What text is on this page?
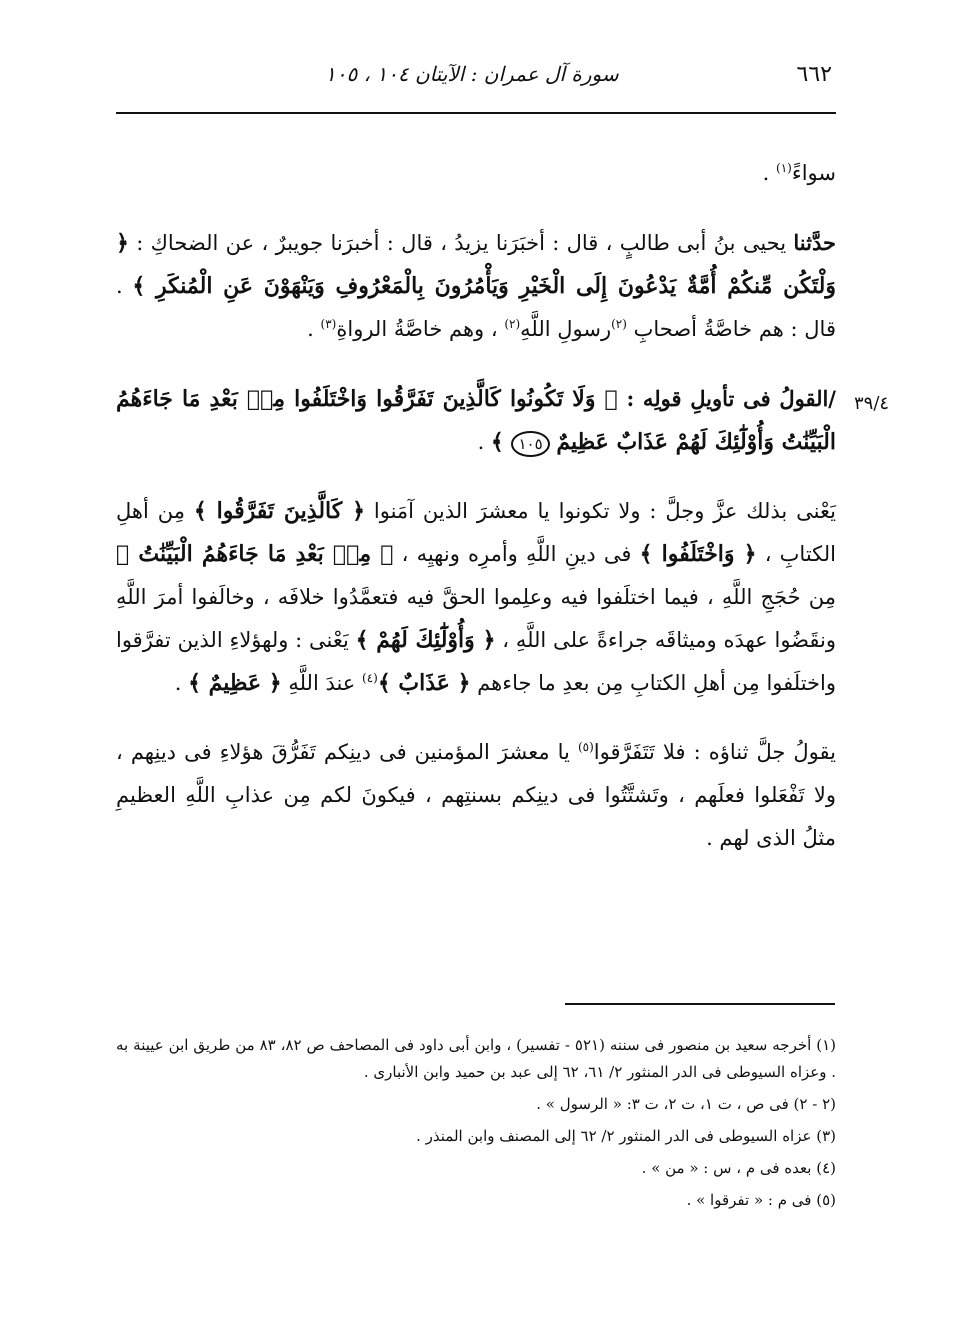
٦٦٢
سورة آل عمران : الآيتان ١٠٤ ، ١٠٥
٣٩/٤

سواءً$^{(١)}$ .

حدَّثنا يحيى بنُ أبى طالبٍ ، قال : أخبَرَنا يزيدُ ، قال : أخبرَنا جويبرٌ ، عن الضحاكِ : ﴿ وَلْتَكُن مِّنكُمْ أُمَّةٌ يَدْعُونَ إِلَى الْخَيْرِ وَيَأْمُرُونَ بِالْمَعْرُوفِ وَيَنْهَوْنَ عَنِ الْمُنكَرِ ﴾ . قال : هم خاصَّةُ أصحابِ $^{(٢)}$رسولِ اللَّهِ$^{(٢)}$ ، وهم خاصَّةُ الرواةِ$^{(٣)}$ .

/القولُ فى تأويلِ قولِه : ﴿ وَلَا تَكُونُوا كَالَّذِينَ تَفَرَّقُوا وَاخْتَلَفُوا مِنۢ بَعْدِ مَا جَاءَهُمُ الْبَيِّنَٰتُ وَأُوْلَٰٓئِكَ لَهُمْ عَذَابٌ عَظِيمٌ ١٠٥ ﴾ .

يَعْنى بذلك عزَّ وجلَّ : ولا تكونوا يا معشرَ الذين آمَنوا ﴿ كَالَّذِينَ تَفَرَّقُوا ﴾ مِن أهلِ الكتابِ ، ﴿ وَاخْتَلَفُوا ﴾ فى دينِ اللَّهِ وأمرِه ونهيِه ، ﴿ مِنۢ بَعْدِ مَا جَاءَهُمُ الْبَيِّنَٰتُ ﴾ مِن حُجَجِ اللَّهِ ، فيما اختلَفوا فيه وعلِموا الحقَّ فيه فتعمَّدُوا خلافَه ، وخالَفوا أمرَ اللَّهِ ونقَضُوا عهدَه وميثاقَه جراءةً على اللَّهِ ، ﴿ وَأُوْلَٰٓئِكَ لَهُمْ ﴾ يَعْنى : ولهؤلاءِ الذين تفرَّقوا واختلَفوا مِن أهلِ الكتابِ مِن بعدِ ما جاءهم ﴿ عَذَابٌ ﴾$^{(٤)}$ عندَ اللَّهِ ﴿ عَظِيمٌ ﴾ .

يقولُ جلَّ ثناؤه : فلا تَتَفَرَّقوا$^{(٥)}$ يا معشرَ المؤمنين فى دينِكم تَفَرُّقَ هؤلاءِ فى دينِهم ، ولا تَفْعَلوا فعلَهم ، وتَشتَّتُوا فى دينِكم بسنتِهم ، فيكونَ لكم مِن عذابِ اللَّهِ العظيمِ مثلُ الذى لهم .

(١) أخرجه سعيد بن منصور فى سننه (٥٢١ - تفسير) ، وابن أبى داود فى المصاحف ص ٨٢، ٨٣ من طريق ابن عيينة به . وعزاه السيوطى فى الدر المنثور ٢/ ٦١، ٦٢ إلى عبد بن حميد وابن الأنبارى .

(٢ - ٢) فى ص ، ت ١، ت ٢، ت ٣: « الرسول » .

(٣) عزاه السيوطى فى الدر المنثور ٢/ ٦٢ إلى المصنف وابن المنذر .

(٤) بعده فى م ، س : « من » .

(٥) فى م : « تفرقوا » .
